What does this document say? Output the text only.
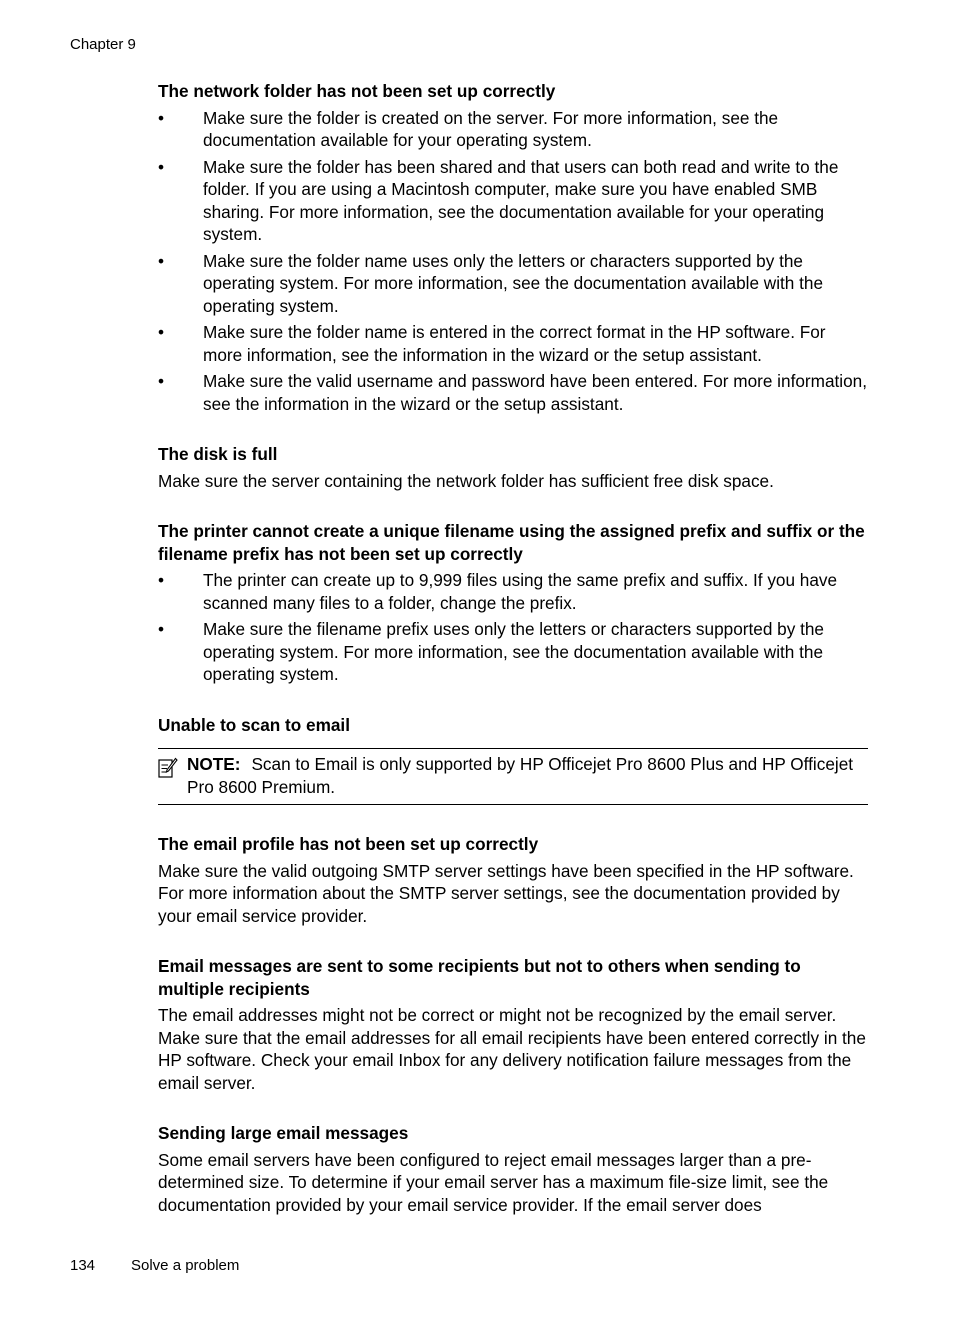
Chapter 9
The network folder has not been set up correctly
• Make sure the folder is created on the server. For more information, see the documentation available for your operating system.
• Make sure the folder has been shared and that users can both read and write to the folder. If you are using a Macintosh computer, make sure you have enabled SMB sharing. For more information, see the documentation available for your operating system.
• Make sure the folder name uses only the letters or characters supported by the operating system. For more information, see the documentation available with the operating system.
• Make sure the folder name is entered in the correct format in the HP software. For more information, see the information in the wizard or the setup assistant.
• Make sure the valid username and password have been entered. For more information, see the information in the wizard or the setup assistant.
The disk is full

Make sure the server containing the network folder has sufficient free disk space.

The printer cannot create a unique filename using the assigned prefix and suffix or the filename prefix has not been set up correctly
• The printer can create up to 9,999 files using the same prefix and suffix. If you have scanned many files to a folder, change the prefix.
• Make sure the filename prefix uses only the letters or characters supported by the operating system. For more information, see the documentation available with the operating system.
Unable to scan to email
NOTE: Scan to Email is only supported by HP Officejet Pro 8600 Plus and HP Officejet Pro 8600 Premium.
The email profile has not been set up correctly

Make sure the valid outgoing SMTP server settings have been specified in the HP software. For more information about the SMTP server settings, see the documentation provided by your email service provider.

Email messages are sent to some recipients but not to others when sending to multiple recipients

The email addresses might not be correct or might not be recognized by the email server. Make sure that the email addresses for all email recipients have been entered correctly in the HP software. Check your email Inbox for any delivery notification failure messages from the email server.

Sending large email messages

Some email servers have been configured to reject email messages larger than a pre-determined size. To determine if your email server has a maximum file-size limit, see the documentation provided by your email service provider. If the email server does

134 Solve a problem
